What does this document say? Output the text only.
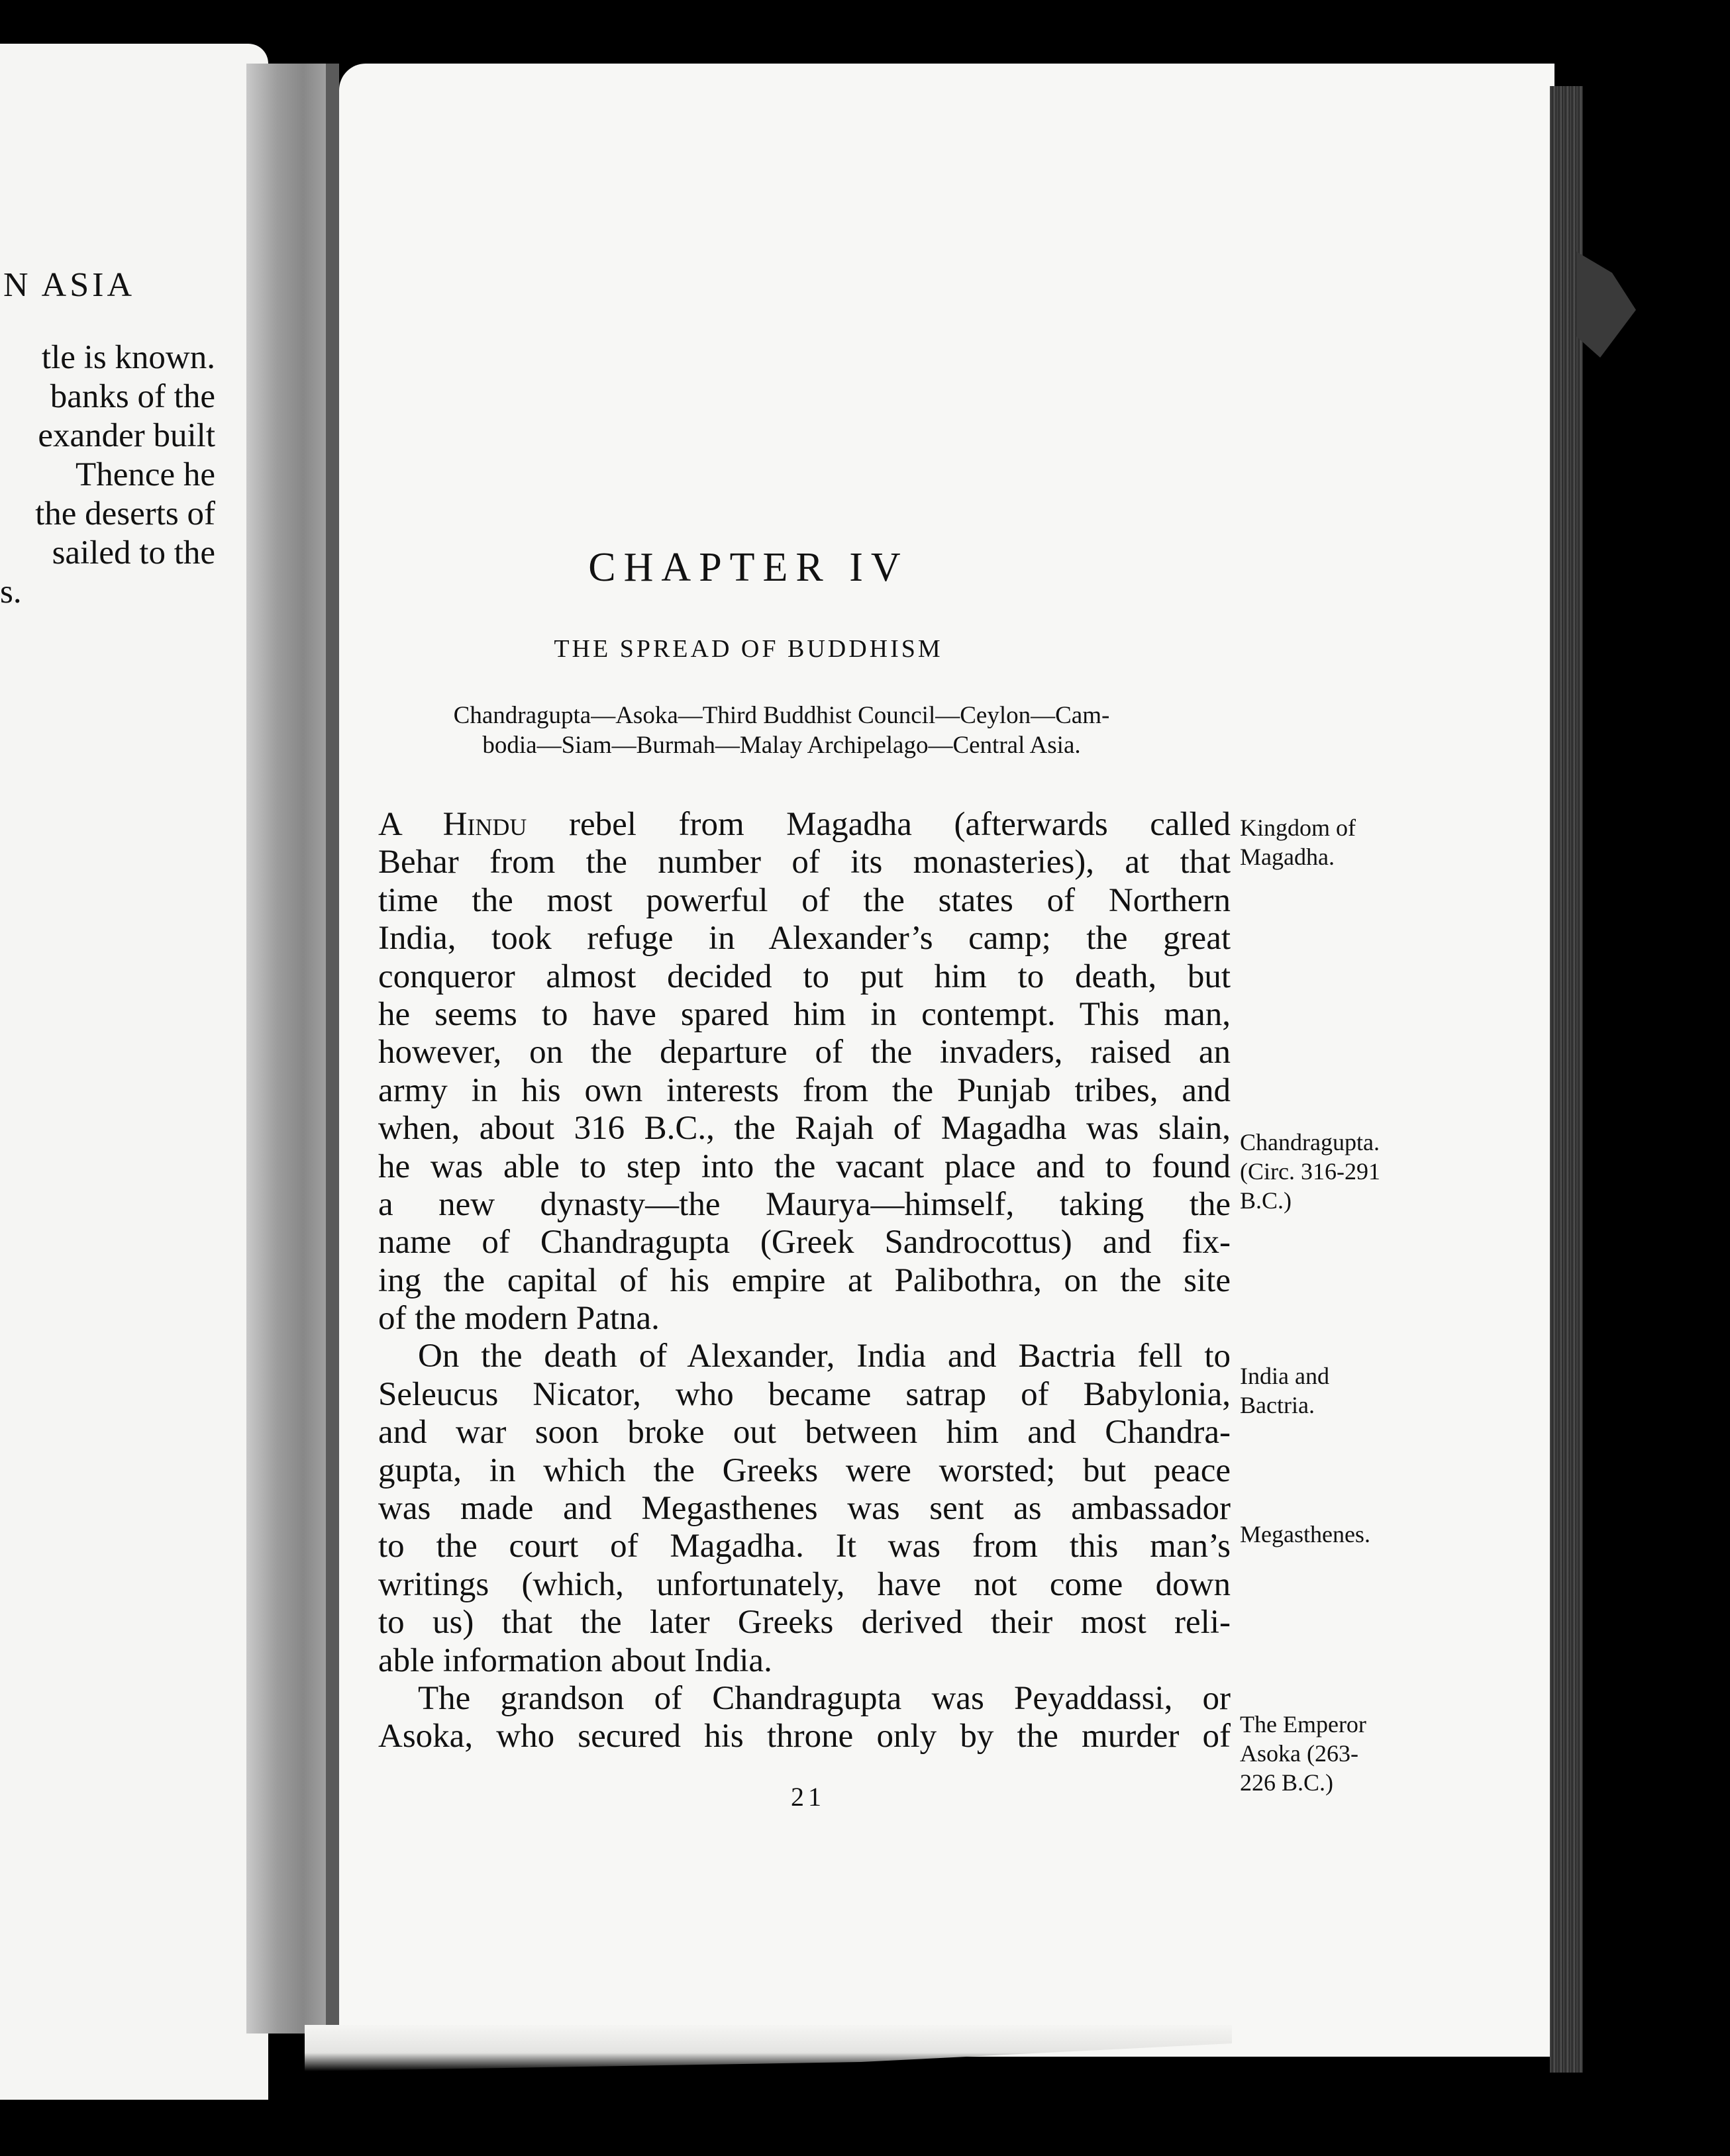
N ASIA
tle is known.
banks of the
exander built
Thence he
the deserts of
sailed to the
s.
CHAPTER IV
THE SPREAD OF BUDDHISM
Chandragupta—Asoka—Third Buddhist Council—Ceylon—Cam-
bodia—Siam—Burmah—Malay Archipelago—Central Asia.
A Hindu rebel from Magadha (afterwards called
Behar from the number of its monasteries), at that
time the most powerful of the states of Northern
India, took refuge in Alexander’s camp; the great
conqueror almost decided to put him to death, but
he seems to have spared him in contempt. This man,
however, on the departure of the invaders, raised an
army in his own interests from the Punjab tribes, and
when, about 316 B.C., the Rajah of Magadha was slain,
he was able to step into the vacant place and to found
a new dynasty—the Maurya—himself, taking the
name of Chandragupta (Greek Sandrocottus) and fix-
ing the capital of his empire at Palibothra, on the site
of the modern Patna.
On the death of Alexander, India and Bactria fell to
Seleucus Nicator, who became satrap of Babylonia,
and war soon broke out between him and Chandra-
gupta, in which the Greeks were worsted; but peace
was made and Megasthenes was sent as ambassador
to the court of Magadha. It was from this man’s
writings (which, unfortunately, have not come down
to us) that the later Greeks derived their most reli-
able information about India.
The grandson of Chandragupta was Peyaddassi, or
Asoka, who secured his throne only by the murder of
Kingdom of
Magadha.
Chandragupta.
(Circ. 316-291
B.C.)
India and
Bactria.
Megasthenes.
The Emperor
Asoka (263-
226 B.C.)
21
